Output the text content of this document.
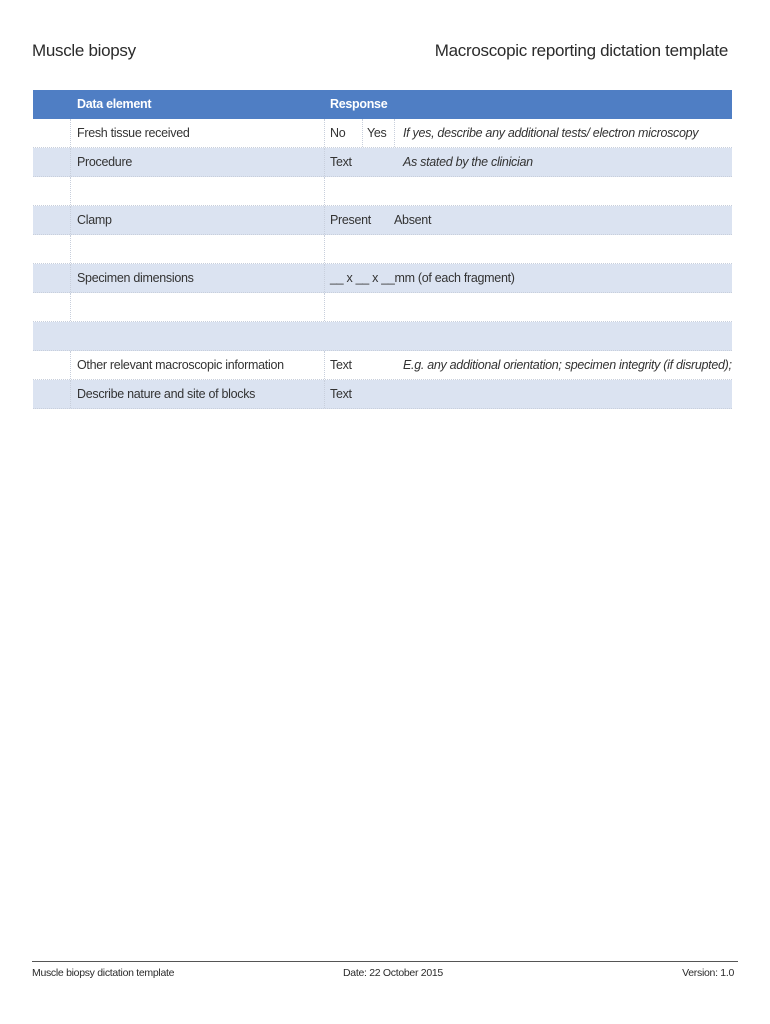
Muscle biopsy	Macroscopic reporting dictation template
Data element	Response
Fresh tissue received	No	Yes	If yes, describe any additional tests/ electron microscopy
Procedure	Text	As stated by the clinician
Clamp	Present	Absent
Specimen dimensions	__ x __ x __mm (of each fragment)
Other relevant macroscopic information	Text	E.g. any additional orientation; specimen integrity (if disrupted);
Describe nature and site of blocks	Text
Muscle biopsy dictation template	Date: 22 October 2015	Version: 1.0
